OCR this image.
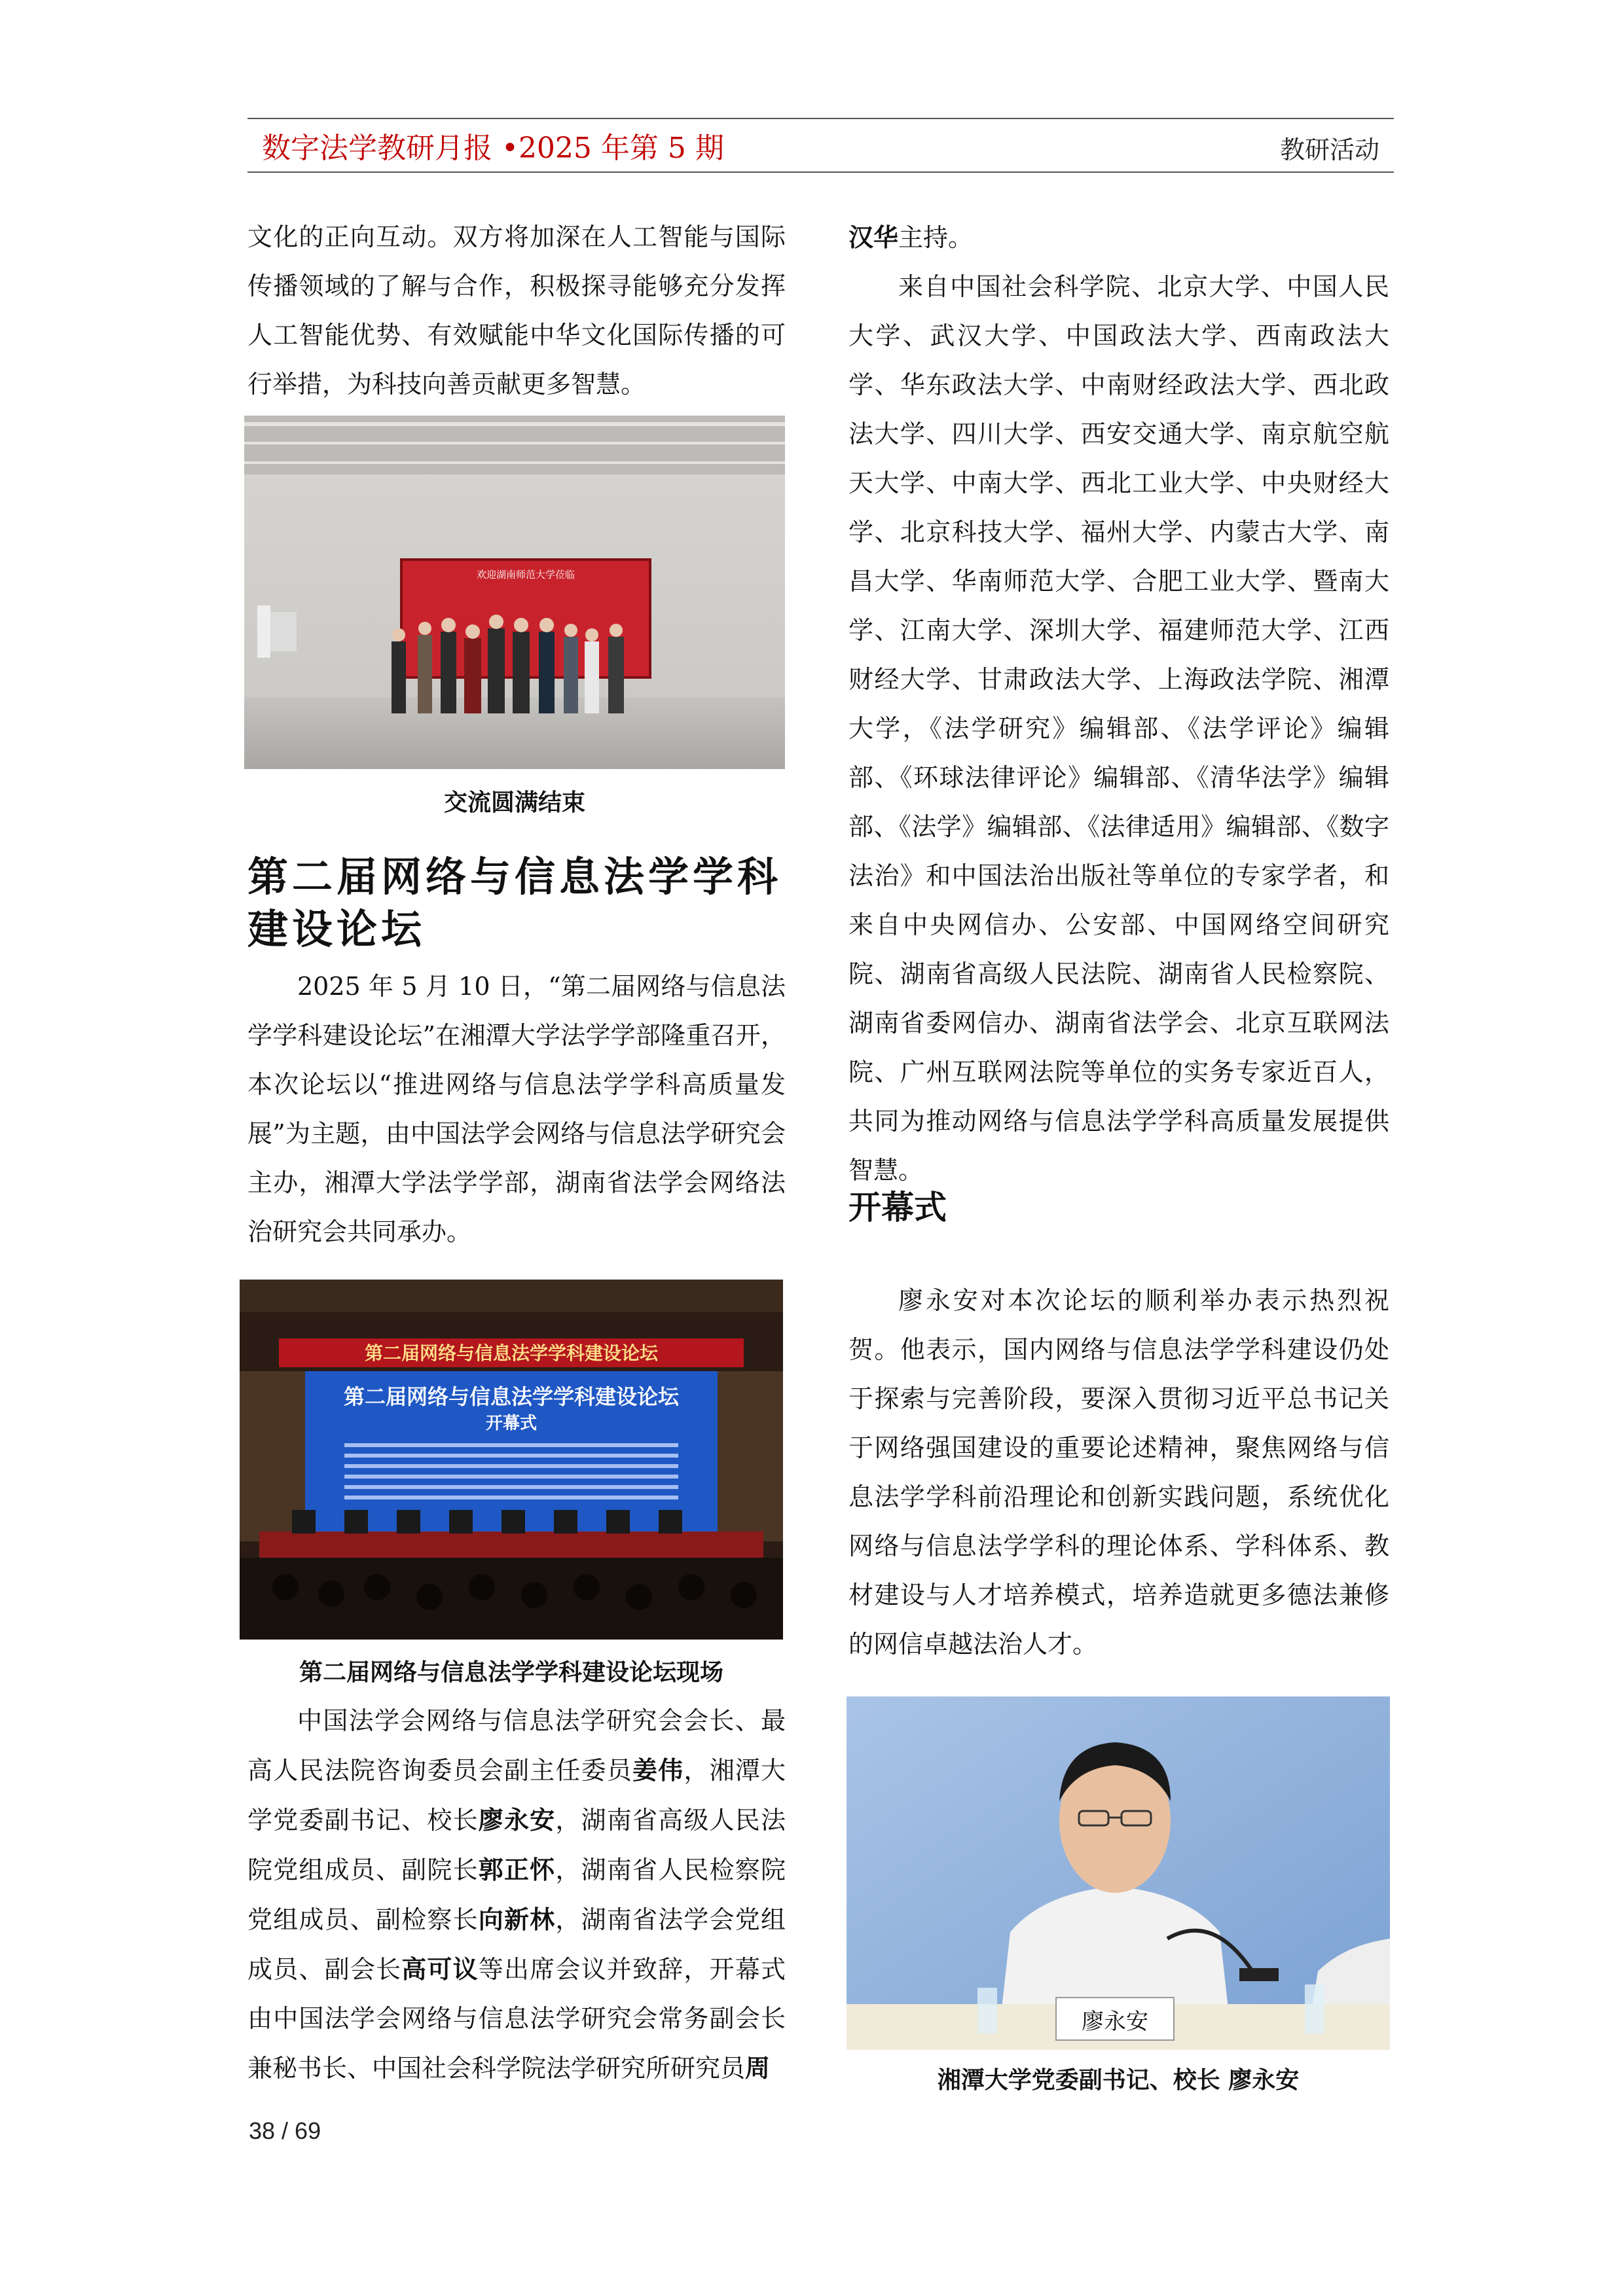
数字法学教研月报 •2025 年第 5 期	教研活动

文化的正向互动。双方将加深在人工智能与国际传播领域的了解与合作，积极探寻能够充分发挥人工智能优势、有效赋能中华文化国际传播的可行举措，为科技向善贡献更多智慧。

欢迎湖南师范大学莅临
交流圆满结束
第二届网络与信息法学学科建设论坛

2025 年 5 月 10 日，“第二届网络与信息法学学科建设论坛”在湘潭大学法学学部隆重召开，本次论坛以“推进网络与信息法学学科高质量发展”为主题，由中国法学会网络与信息法学研究会主办，湘潭大学法学学部，湖南省法学会网络法治研究会共同承办。

第二届网络与信息法学学科建设论坛
第二届网络与信息法学学科建设论坛
开幕式
第二届网络与信息法学学科建设论坛现场

中国法学会网络与信息法学研究会会长、最高人民法院咨询委员会副主任委员姜伟，湘潭大学党委副书记、校长廖永安，湖南省高级人民法院党组成员、副院长郭正怀，湖南省人民检察院党组成员、副检察长向新林，湖南省法学会党组成员、副会长高可议等出席会议并致辞，开幕式由中国法学会网络与信息法学研究会常务副会长兼秘书长、中国社会科学院法学研究所研究员周

汉华主持。

来自中国社会科学院、北京大学、中国人民大学、武汉大学、中国政法大学、西南政法大学、华东政法大学、中南财经政法大学、西北政法大学、四川大学、西安交通大学、南京航空航天大学、中南大学、西北工业大学、中央财经大学、北京科技大学、福州大学、内蒙古大学、南昌大学、华南师范大学、合肥工业大学、暨南大学、江南大学、深圳大学、福建师范大学、江西财经大学、甘肃政法大学、上海政法学院、湘潭大学，《法学研究》编辑部、《法学评论》编辑部、《环球法律评论》编辑部、《清华法学》编辑部、《法学》编辑部、《法律适用》编辑部、《数字法治》和中国法治出版社等单位的专家学者，和来自中央网信办、公安部、中国网络空间研究院、湖南省高级人民法院、湖南省人民检察院、湖南省委网信办、湖南省法学会、北京互联网法院、广州互联网法院等单位的实务专家近百人，共同为推动网络与信息法学学科高质量发展提供智慧。

开幕式

廖永安对本次论坛的顺利举办表示热烈祝贺。他表示，国内网络与信息法学学科建设仍处于探索与完善阶段，要深入贯彻习近平总书记关于网络强国建设的重要论述精神，聚焦网络与信息法学学科前沿理论和创新实践问题，系统优化网络与信息法学学科的理论体系、学科体系、教材建设与人才培养模式，培养造就更多德法兼修的网信卓越法治人才。

廖永安
湘潭大学党委副书记、校长 廖永安
38 / 69
